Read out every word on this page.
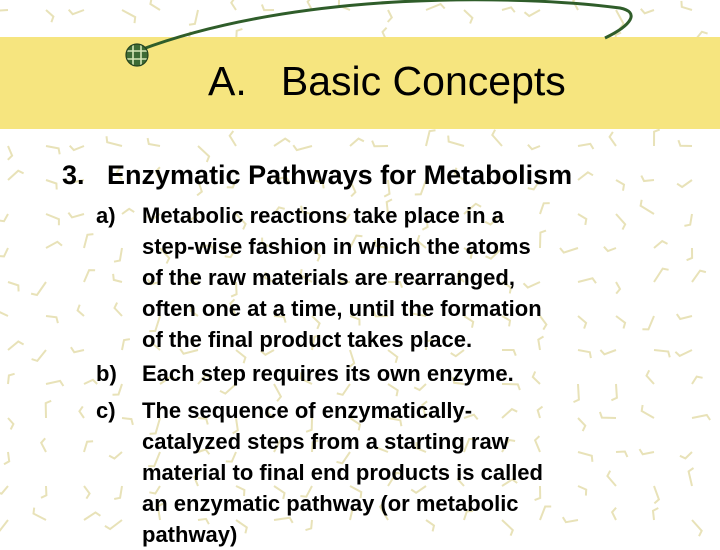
A.   Basic Concepts
3.   Enzymatic Pathways for Metabolism
a)	Metabolic reactions take place in a
step-wise fashion in which the atoms
of the raw materials are rearranged,
often one at a time, until the formation
of the final product takes place.
b)	Each step requires its own enzyme.
c)	The sequence of enzymatically-
catalyzed steps from a starting raw
material to final end products is called
an enzymatic pathway (or metabolic
pathway)
